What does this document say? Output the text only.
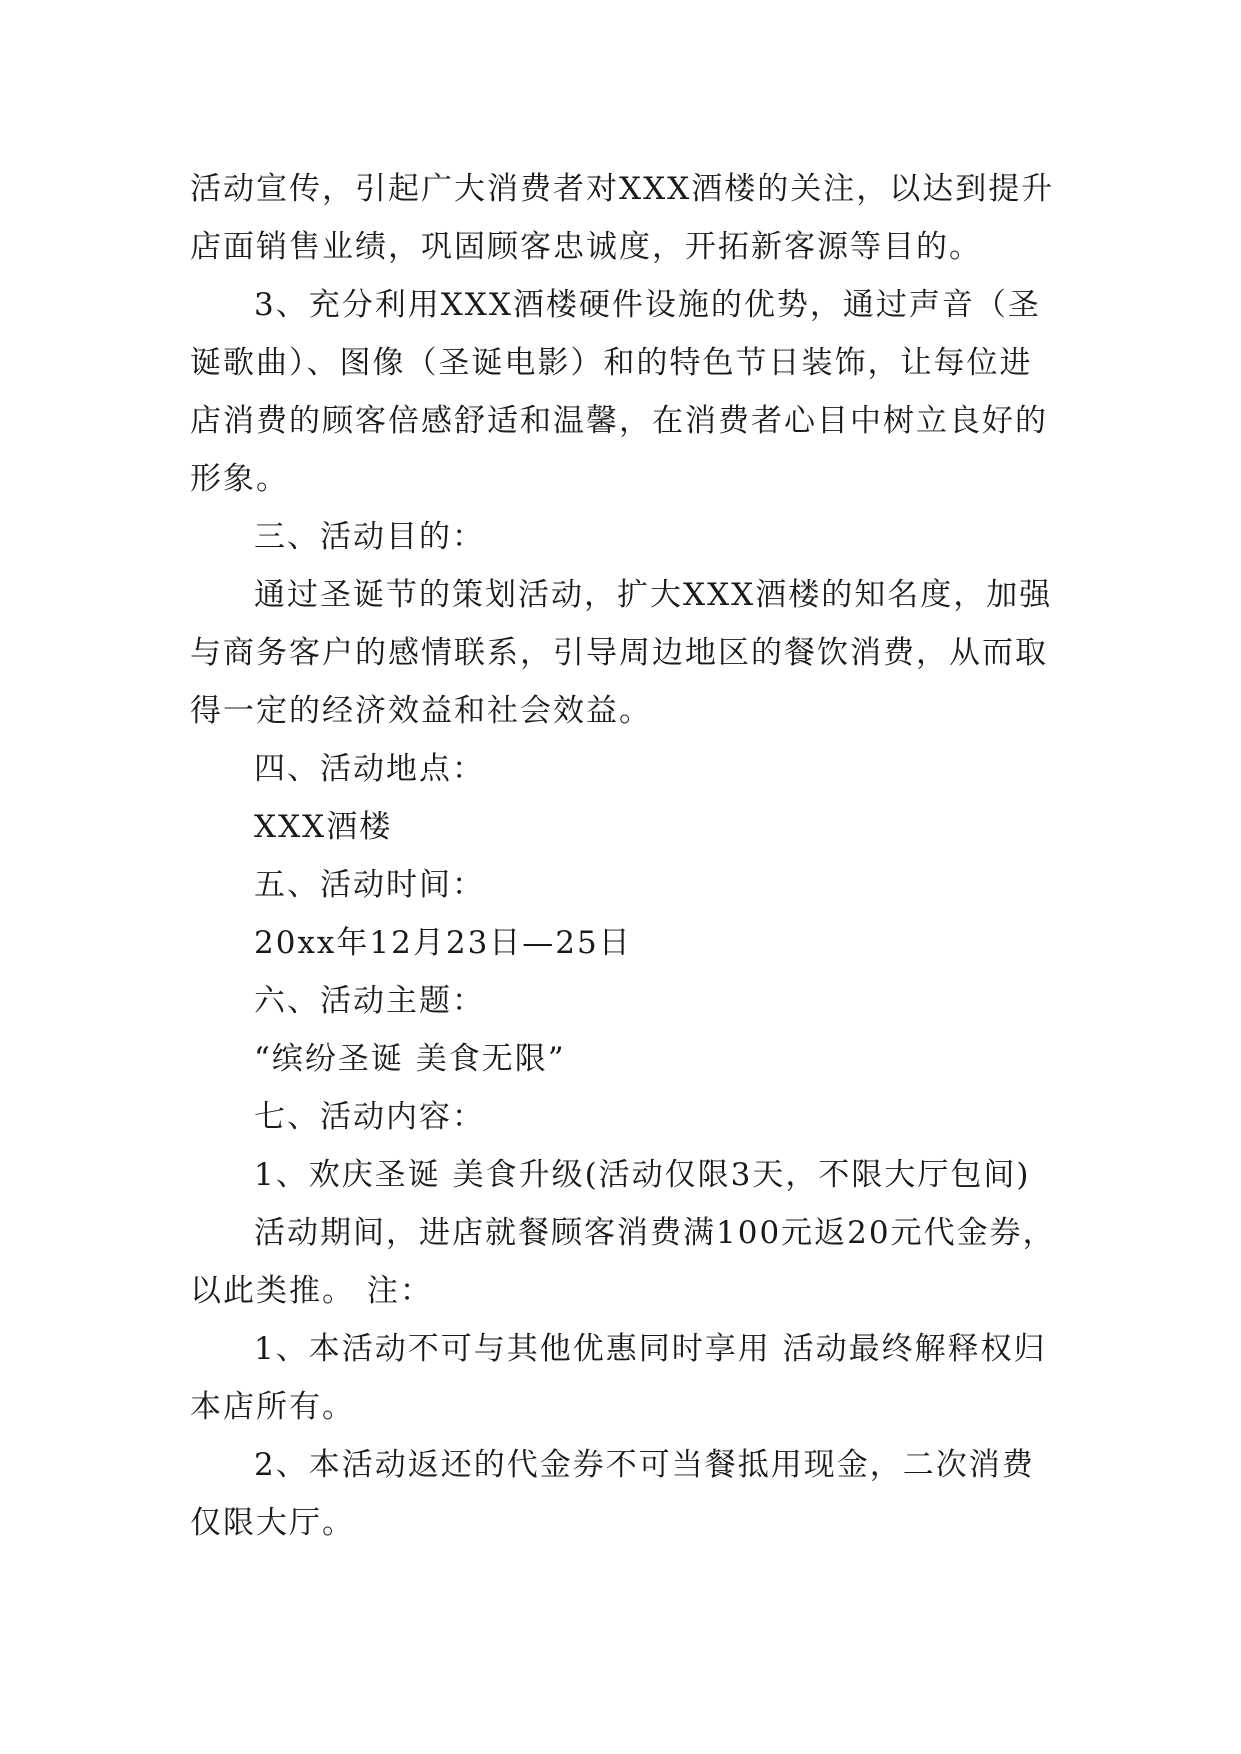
活动宣传，引起广大消费者对XXX酒楼的关注，以达到提升
店面销售业绩，巩固顾客忠诚度，开拓新客源等目的。
3、充分利用XXX酒楼硬件设施的优势，通过声音（圣
诞歌曲）、图像（圣诞电影）和的特色节日装饰，让每位进
店消费的顾客倍感舒适和温馨，在消费者心目中树立良好的
形象。
三、活动目的：
通过圣诞节的策划活动，扩大XXX酒楼的知名度，加强
与商务客户的感情联系，引导周边地区的餐饮消费，从而取
得一定的经济效益和社会效益。
四、活动地点：
XXX酒楼
五、活动时间：
20xx年12月23日—25日
六、活动主题：
“缤纷圣诞 美食无限”
七、活动内容：
1、欢庆圣诞 美食升级(活动仅限3天，不限大厅包间)
活动期间，进店就餐顾客消费满100元返20元代金券，
以此类推。 注：
1、本活动不可与其他优惠同时享用 活动最终解释权归
本店所有。
2、本活动返还的代金券不可当餐抵用现金，二次消费
仅限大厅。
